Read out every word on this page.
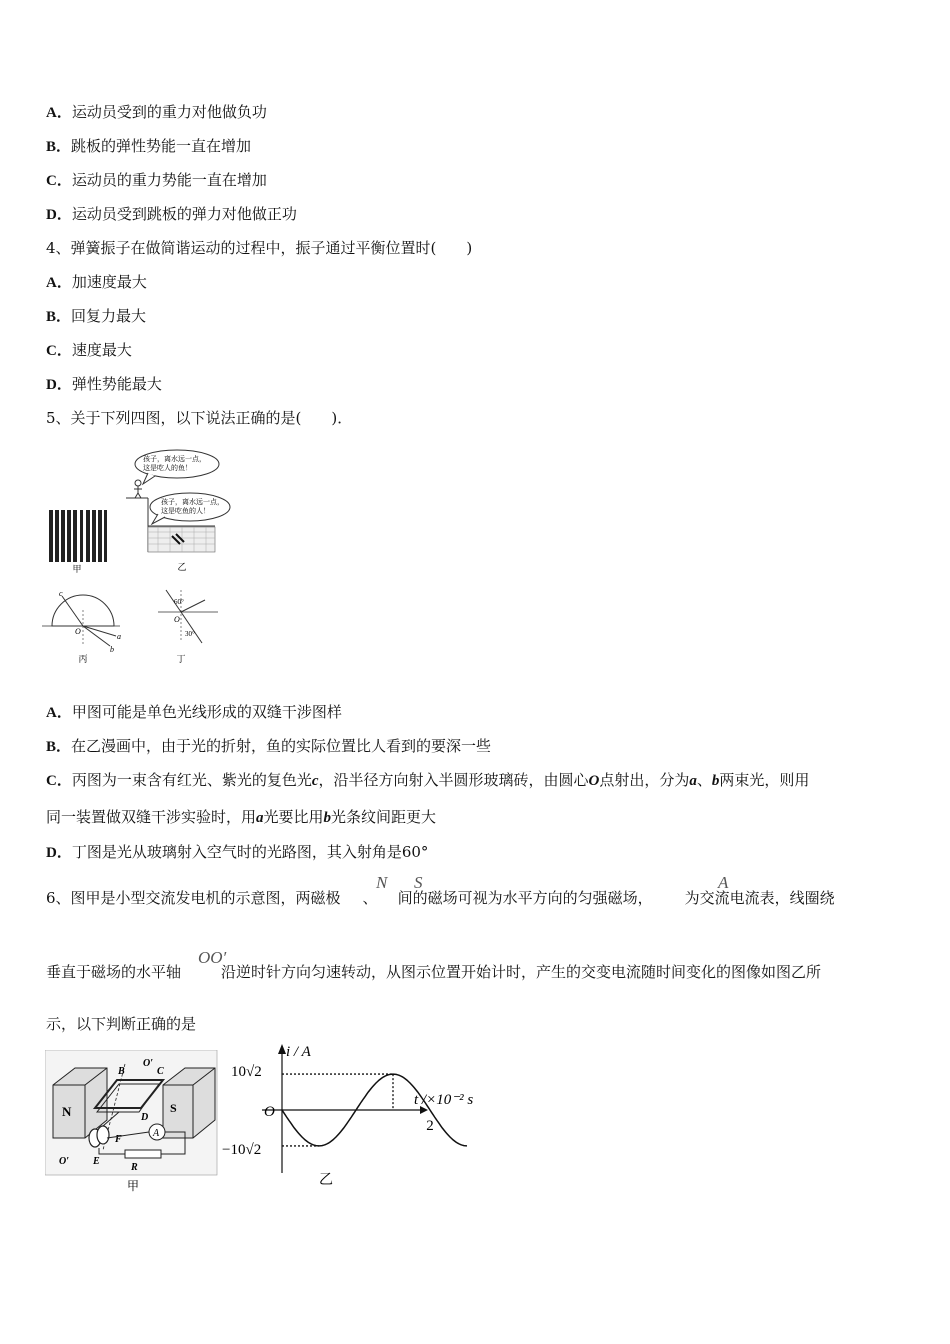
A．运动员受到的重力对他做负功
B．跳板的弹性势能一直在增加
C．运动员的重力势能一直在增加
D．运动员受到跳板的弹力对他做正功
4、弹簧振子在做简谐运动的过程中，振子通过平衡位置时(　　)
A．加速度最大
B．回复力最大
C．速度最大
D．弹性势能最大
5、关于下列四图，以下说法正确的是(　　)．
甲
孩子，离水远一点，
这是吃人的鱼！
孩子，离水远一点，
这是吃鱼的人！
乙
c
O
a
b
丙
60°
O
30°
丁
A．甲图可能是单色光线形成的双缝干涉图样
B．在乙漫画中，由于光的折射，鱼的实际位置比人看到的要深一些
C．丙图为一束含有红光、紫光的复色光c，沿半径方向射入半圆形玻璃砖，由圆心O点射出，分为a、b两束光，则用
同一装置做双缝干涉实验时，用a光要比用b光条纹间距更大
D．丁图是光从玻璃射入空气时的光路图，其入射角是60°
6、图甲是小型交流发电机的示意图，两磁极 、 间的磁场可视为水平方向的匀强磁场， 为交流电流表，线圈绕
N S	A
垂直于磁场的水平轴	沿逆时针方向匀速转动，从图示位置开始计时，产生的交变电流随时间变化的图像如图乙所
OO′
示，以下判断正确的是
N	S
B
O′
C
D
F
E
O′
A
R
甲
i / A
t /×10⁻² s
O
10√2
−10√2
2
乙
